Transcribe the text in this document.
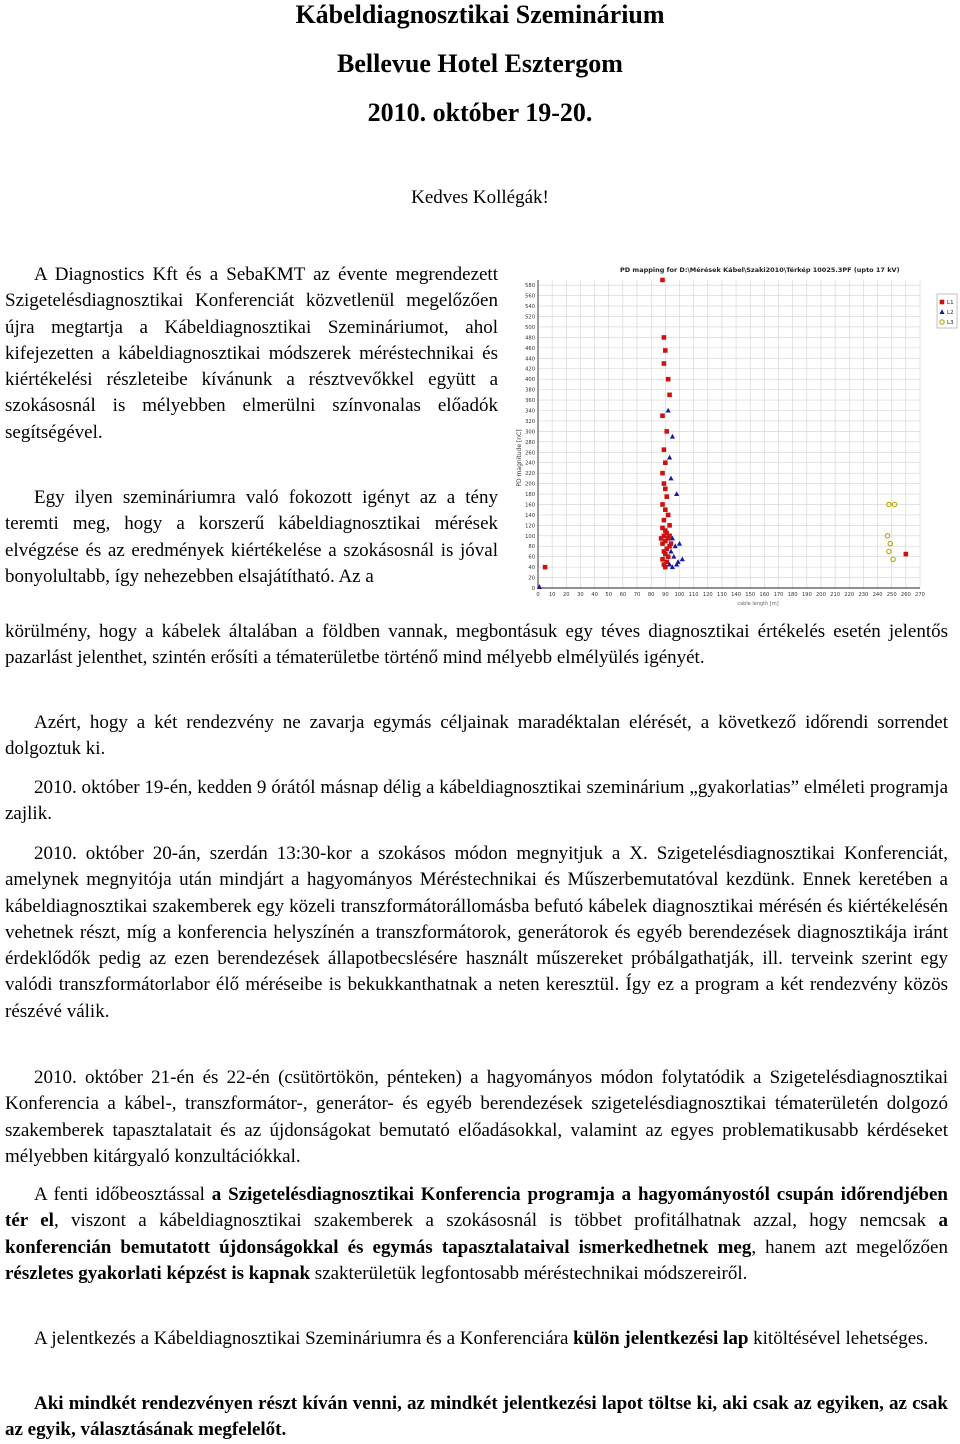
Kábeldiagnosztikai Szeminárium
Bellevue Hotel Esztergom
2010. október 19-20.
Kedves Kollégák!

A Diagnostics Kft és a SebaKMT az évente megrendezett Szigetelésdiagnosztikai Konferenciát közvetlenül megelőzően újra megtartja a Kábeldiagnosztikai Szemináriumot, ahol kifejezetten a kábeldiagnosztikai módszerek méréstechnikai és kiértékelési részleteibe kívánunk a résztvevőkkel együtt a szokásosnál is mélyebben elmerülni színvonalas előadók segítségével.

Egy ilyen szemináriumra való fokozott igényt az a tény teremti meg, hogy a korszerű kábeldiagnosztikai mérések elvégzése és az eredmények kiértékelése a szokásosnál is jóval bonyolultabb, így nehezebben elsajátítható. Az a

körülmény, hogy a kábelek általában a földben vannak, megbontásuk egy téves diagnosztikai értékelés esetén jelentős pazarlást jelenthet, szintén erősíti a tématerületbe történő mind mélyebb elmélyülés igényét.

Azért, hogy a két rendezvény ne zavarja egymás céljainak maradéktalan elérését, a következő időrendi sorrendet dolgoztuk ki.

2010. október 19-én, kedden 9 órától másnap délig a kábeldiagnosztikai szeminárium „gyakorlatias” elméleti programja zajlik.

2010. október 20-án, szerdán 13:30-kor a szokásos módon megnyitjuk a X. Szigetelésdiagnosztikai Konferenciát, amelynek megnyitója után mindjárt a hagyományos Méréstechnikai és Műszerbemutatóval kezdünk. Ennek keretében a kábeldiagnosztikai szakemberek egy közeli transzformátorállomásba befutó kábelek diagnosztikai mérésén és kiértékelésén vehetnek részt, míg a konferencia helyszínén a transzformátorok, generátorok és egyéb berendezések diagnosztikája iránt érdeklődők pedig az ezen berendezések állapotbecslésére használt műszereket próbálgathatják, ill. terveink szerint egy valódi transzformátorlabor élő méréseibe is bekukkanthatnak a neten keresztül. Így ez a program a két rendezvény közös részévé válik.

2010. október 21-én és 22-én (csütörtökön, pénteken) a hagyományos módon folytatódik a Szigetelésdiagnosztikai Konferencia a kábel-, transzformátor-, generátor- és egyéb berendezések szigetelésdiagnosztikai tématerületén dolgozó szakemberek tapasztalatait és az újdonságokat bemutató előadásokkal, valamint az egyes problematikusabb kérdéseket mélyebben kitárgyaló konzultációkkal.

A fenti időbeosztással a Szigetelésdiagnosztikai Konferencia programja a hagyományostól csupán időrendjében tér el, viszont a kábeldiagnosztikai szakemberek a szokásosnál is többet profitálhatnak azzal, hogy nemcsak a konferencián bemutatott újdonságokkal és egymás tapasztalataival ismerkedhetnek meg, hanem azt megelőzően részletes gyakorlati képzést is kapnak szakterületük legfontosabb méréstechnikai módszereiről.

A jelentkezés a Kábeldiagnosztikai Szemináriumra és a Konferenciára külön jelentkezési lap kitöltésével lehetséges.

Aki mindkét rendezvényen részt kíván venni, az mindkét jelentkezési lapot töltse ki, aki csak az egyiken, az csak az egyik, választásának megfelelőt.

PD mapping for D:\Mérések Kábel\Szaki2010\Térkép 10025.3PF (upto 17 kV)
PD magnitude [nC]
cable length [m]
0
20
40
60
80
100
120
140
160
180
200
220
240
260
280
300
320
340
360
380
400
420
440
460
480
500
520
540
560
580
0 10 20 30 40 50 60 70 80 90 100 110 120 130 140 150 160 170 180 190 200 210 220 230 240 250 260 270
L1
L2
L3
